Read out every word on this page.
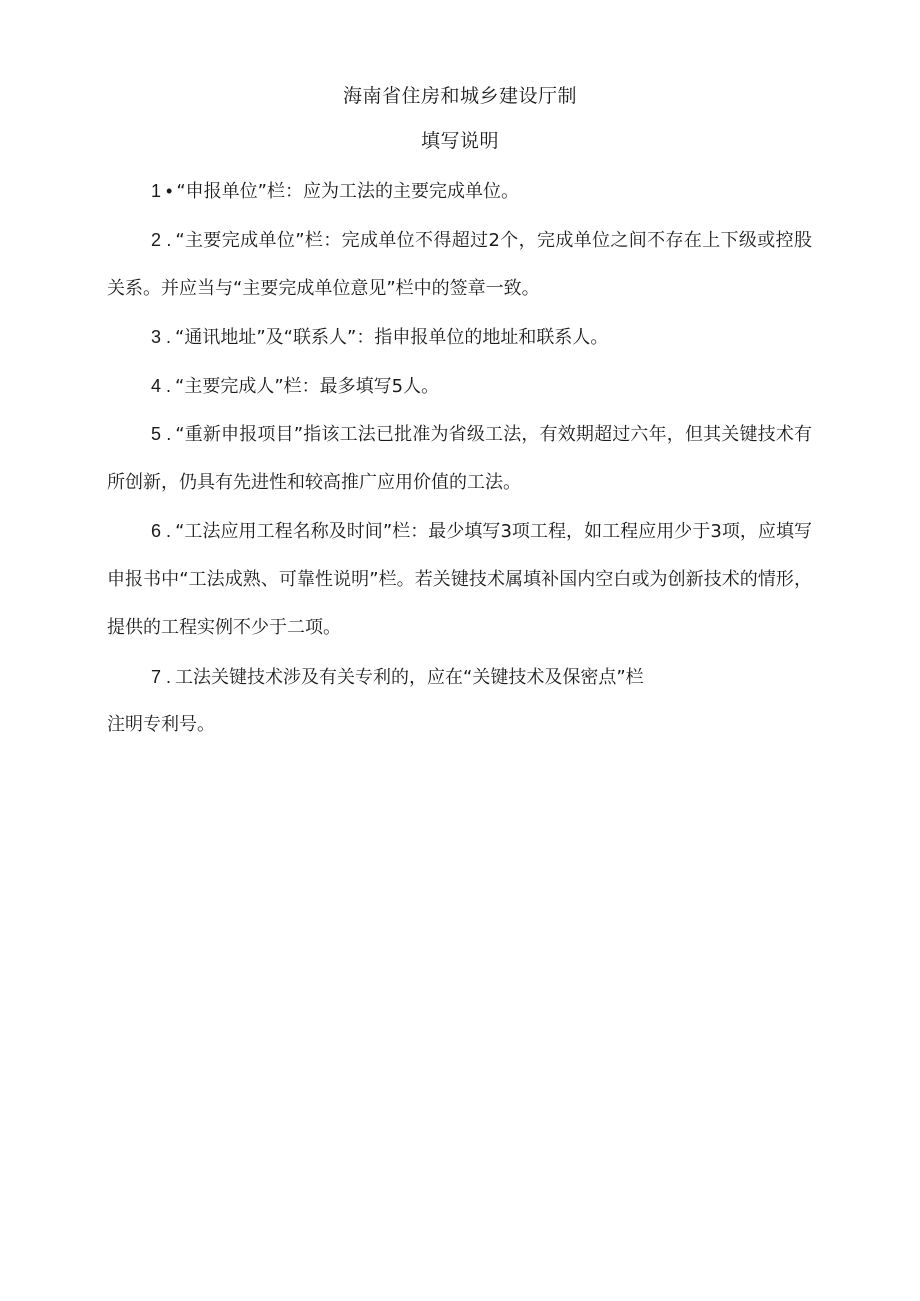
海南省住房和城乡建设厅制
填写说明

1 • “申报单位”栏：应为工法的主要完成单位。

2 . “主要完成单位”栏：完成单位不得超过2个，完成单位之间不存在上下级或控股关系。并应当与“主要完成单位意见”栏中的签章一致。

3 . “通讯地址”及“联系人”：指申报单位的地址和联系人。

4 . “主要完成人”栏：最多填写5人。

5 . “重新申报项目”指该工法已批准为省级工法，有效期超过六年，但其关键技术有所创新，仍具有先进性和较高推广应用价值的工法。

6 . “工法应用工程名称及时间”栏：最少填写3项工程，如工程应用少于3项，应填写申报书中“工法成熟、可靠性说明”栏。若关键技术属填补国内空白或为创新技术的情形，提供的工程实例不少于二项。

7 . 工法关键技术涉及有关专利的，应在“关键技术及保密点”栏

注明专利号。
